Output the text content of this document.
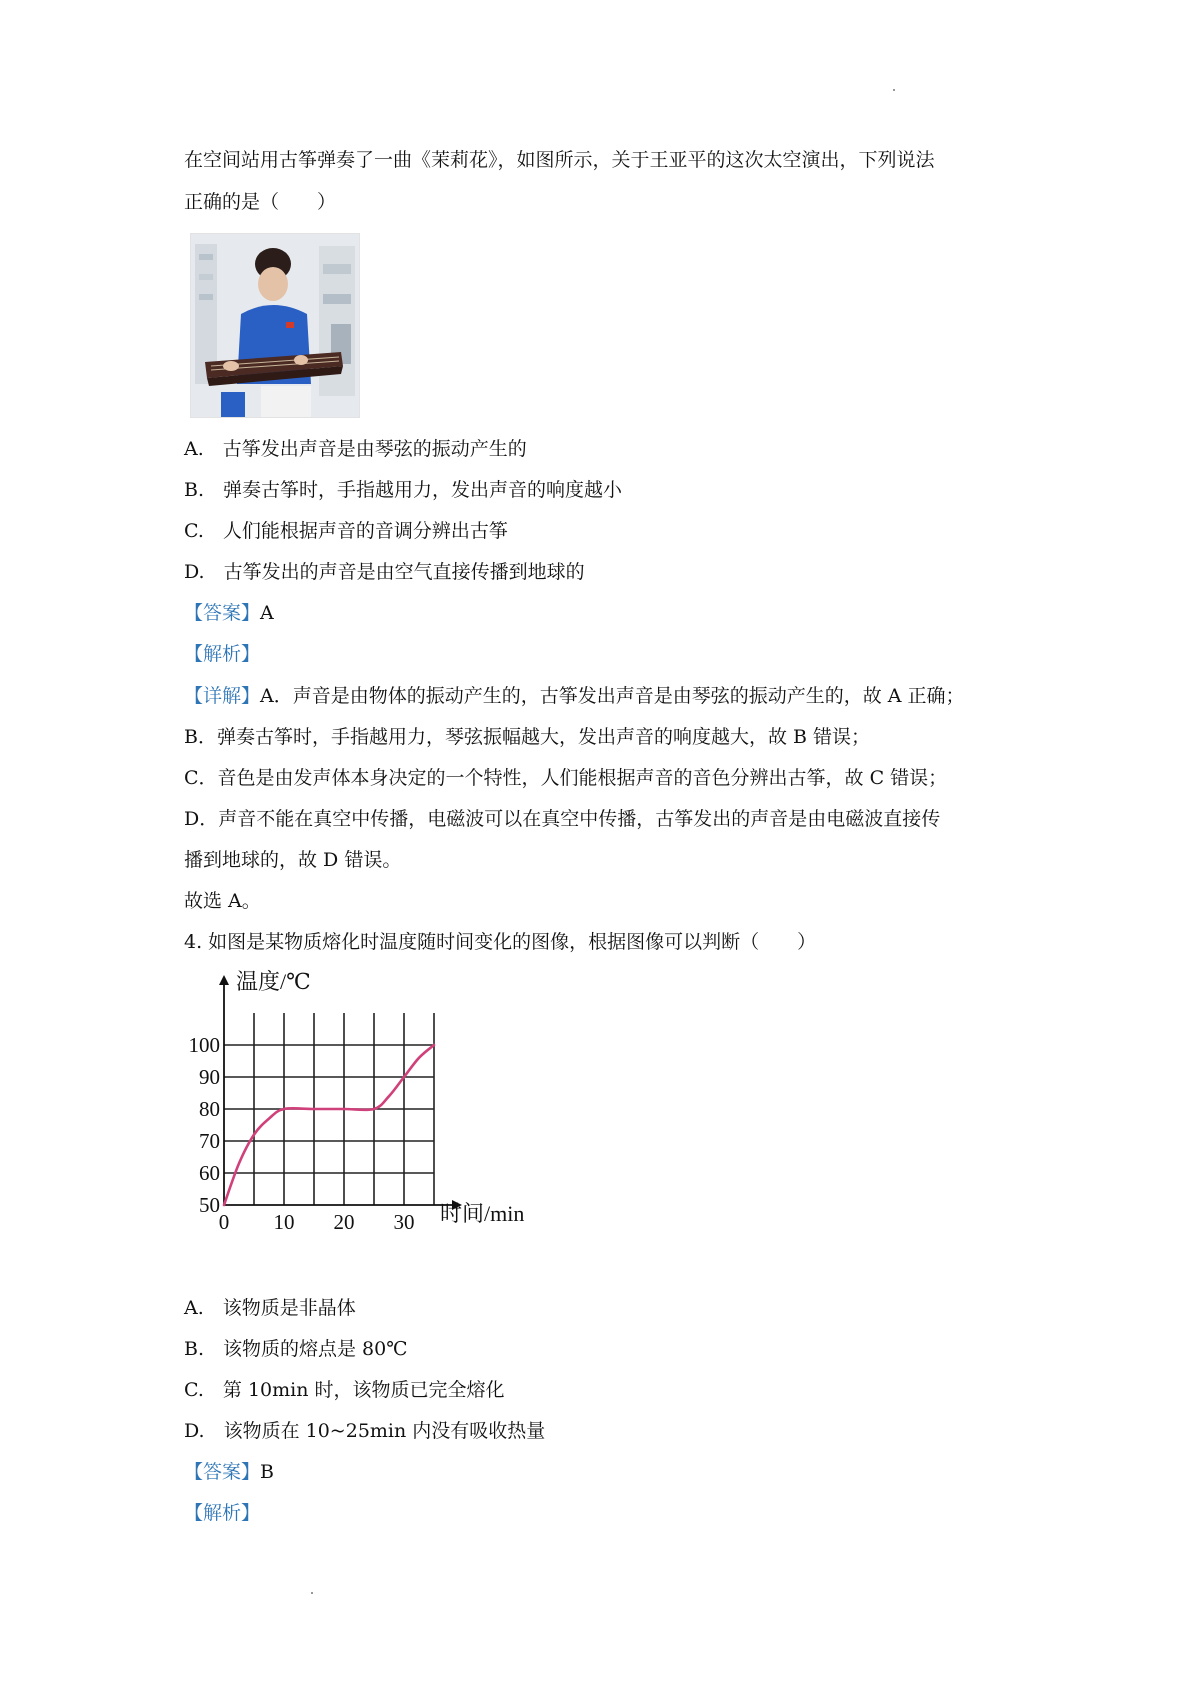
在空间站用古筝弹奏了一曲《茉莉花》，如图所示，关于王亚平的这次太空演出，下列说法
正确的是（　　）
A.　古筝发出声音是由琴弦的振动产生的
B.　弹奏古筝时，手指越用力，发出声音的响度越小
C.　人们能根据声音的音调分辨出古筝
D.　古筝发出的声音是由空气直接传播到地球的
【答案】A
【解析】
【详解】A．声音是由物体的振动产生的，古筝发出声音是由琴弦的振动产生的，故 A 正确；
B．弹奏古筝时，手指越用力，琴弦振幅越大，发出声音的响度越大，故 B 错误；
C．音色是由发声体本身决定的一个特性，人们能根据声音的音色分辨出古筝，故 C 错误；
D．声音不能在真空中传播，电磁波可以在真空中传播，古筝发出的声音是由电磁波直接传
播到地球的，故 D 错误。
故选 A。
4. 如图是某物质熔化时温度随时间变化的图像，根据图像可以判断（　　）
温度/℃
时间/min
50
60
70
80
90
100
0 10 20 30
A.　该物质是非晶体
B.　该物质的熔点是 80℃
C.　第 10min 时，该物质已完全熔化
D.　该物质在 10~25min 内没有吸收热量
【答案】B
【解析】
